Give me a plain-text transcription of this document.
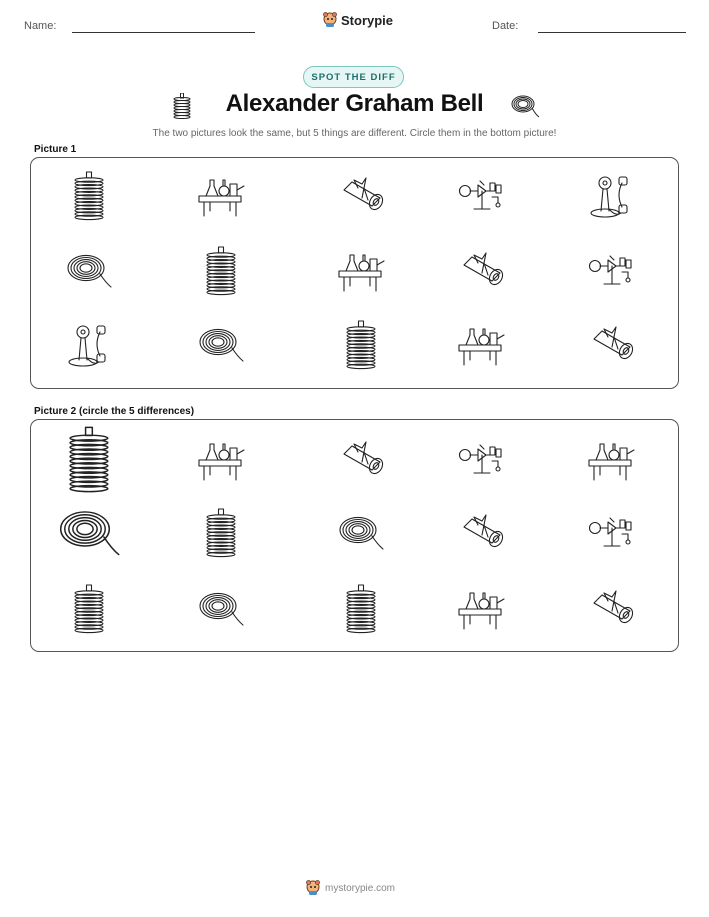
Name:	Storypie	Date:
SPOT THE DIFF
Alexander Graham Bell
The two pictures look the same, but 5 things are different. Circle them in the bottom picture!
Picture 1
Picture 2 (circle the 5 differences)
mystorypie.com
